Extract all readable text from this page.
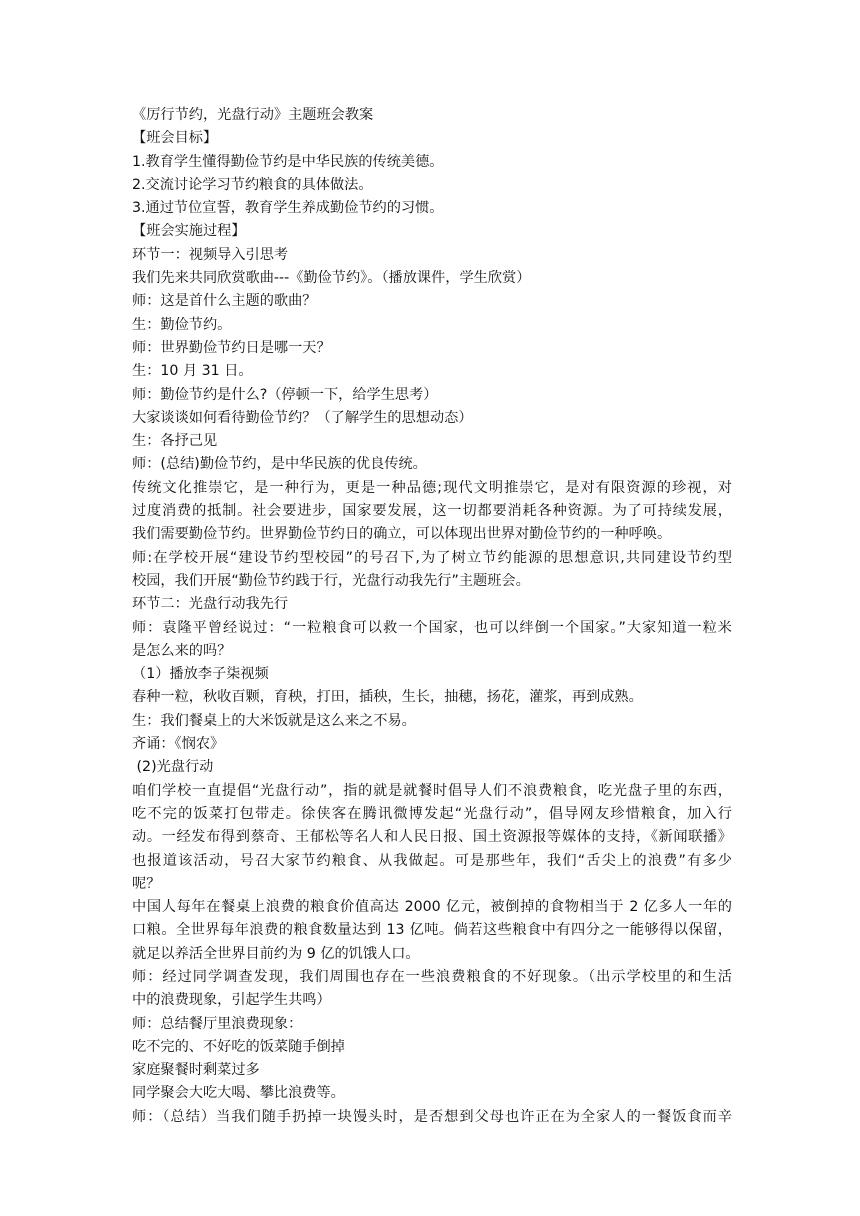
《厉行节约，光盘行动》主题班会教案
【班会目标】
1.教育学生懂得勤俭节约是中华民族的传统美德。
2.交流讨论学习节约粮食的具体做法。
3.通过节位宣誓，教育学生养成勤俭节约的习惯。
【班会实施过程】
环节一：视频导入引思考
我们先来共同欣赏歌曲---《勤俭节约》。（播放课件，学生欣赏）
师：这是首什么主题的歌曲？
生：勤俭节约。
师：世界勤俭节约日是哪一天？
生：10 月 31 日。
师：勤俭节约是什么?（停顿一下，给学生思考）
大家谈谈如何看待勤俭节约？（了解学生的思想动态）
生：各抒己见
师：(总结)勤俭节约，是中华民族的优良传统。
传统文化推崇它，是一种行为，更是一种品德;现代文明推崇它，是对有限资源的珍视，对
过度消费的抵制。社会要进步，国家要发展，这一切都要消耗各种资源。为了可持续发展，
我们需要勤俭节约。世界勤俭节约日的确立，可以体现出世界对勤俭节约的一种呼唤。
师:在学校开展“建设节约型校园”的号召下,为了树立节约能源的思想意识,共同建设节约型
校园，我们开展“勤俭节约践于行，光盘行动我先行”主题班会。
环节二：光盘行动我先行
师：袁隆平曾经说过：“一粒粮食可以救一个国家，也可以绊倒一个国家。”大家知道一粒米
是怎么来的吗？
（1）播放李子柒视频
春种一粒，秋收百颗，育秧，打田，插秧，生长，抽穗，扬花，灌浆，再到成熟。
生：我们餐桌上的大米饭就是这么来之不易。
齐诵：《悯农》
(2)光盘行动
咱们学校一直提倡“光盘行动”，指的就是就餐时倡导人们不浪费粮食，吃光盘子里的东西，
吃不完的饭菜打包带走。徐侠客在腾讯微博发起“光盘行动”，倡导网友珍惜粮食，加入行
动。一经发布得到蔡奇、王郁松等名人和人民日报、国土资源报等媒体的支持，《新闻联播》
也报道该活动，号召大家节约粮食、从我做起。可是那些年，我们“舌尖上的浪费”有多少
呢？
中国人每年在餐桌上浪费的粮食价值高达 2000 亿元，被倒掉的食物相当于 2 亿多人一年的
口粮。全世界每年浪费的粮食数量达到 13 亿吨。倘若这些粮食中有四分之一能够得以保留，
就足以养活全世界目前约为 9 亿的饥饿人口。
师：经过同学调查发现，我们周围也存在一些浪费粮食的不好现象。（出示学校里的和生活
中的浪费现象，引起学生共鸣）
师：总结餐厅里浪费现象：
吃不完的、不好吃的饭菜随手倒掉
家庭聚餐时剩菜过多
同学聚会大吃大喝、攀比浪费等。
师：（总结）当我们随手扔掉一块馒头时，是否想到父母也许正在为全家人的一餐饭食而辛
